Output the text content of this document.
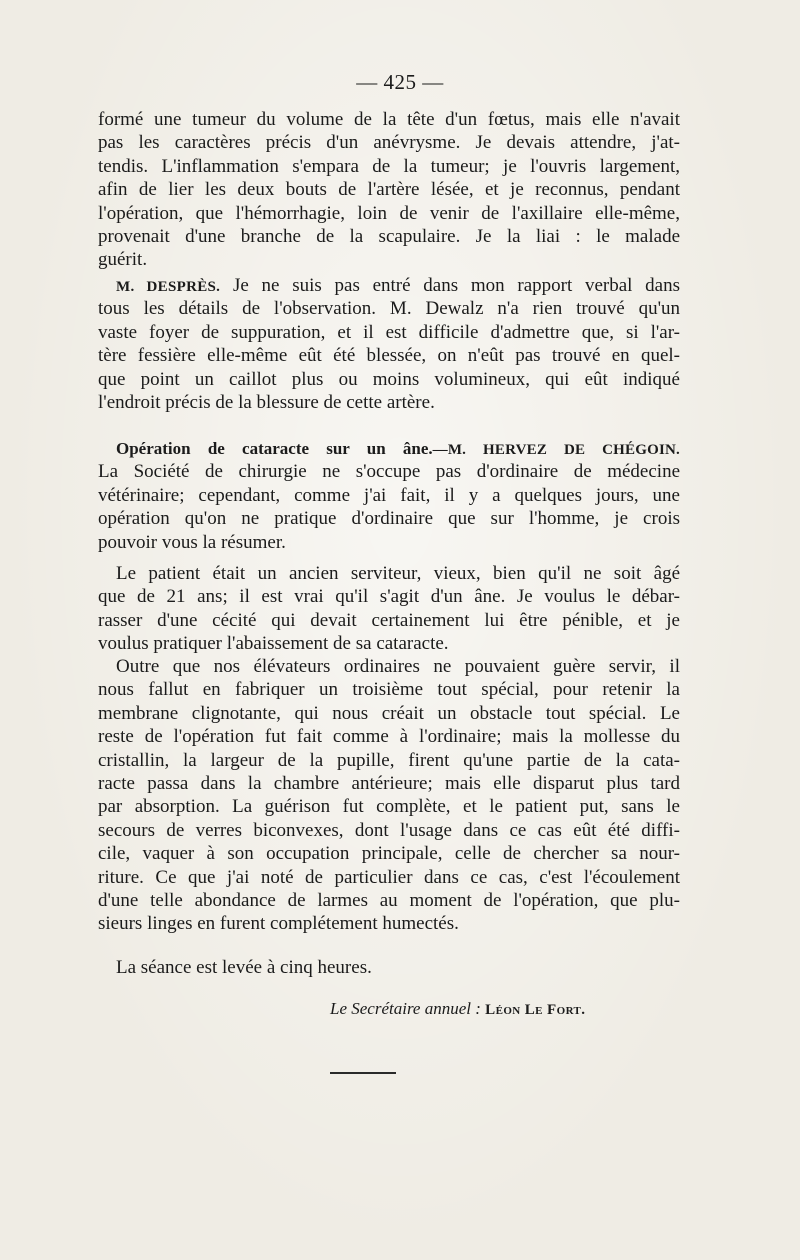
— 425 —
formé une tumeur du volume de la tête d'un fœtus, mais elle n'avait
pas les caractères précis d'un anévrysme. Je devais attendre, j'at-
tendis. L'inflammation s'empara de la tumeur; je l'ouvris largement,
afin de lier les deux bouts de l'artère lésée, et je reconnus, pendant
l'opération, que l'hémorrhagie, loin de venir de l'axillaire elle-même,
provenait d'une branche de la scapulaire. Je la liai : le malade
guérit.
M. DESPRÈS. Je ne suis pas entré dans mon rapport verbal dans
tous les détails de l'observation. M. Dewalz n'a rien trouvé qu'un
vaste foyer de suppuration, et il est difficile d'admettre que, si l'ar-
tère fessière elle-même eût été blessée, on n'eût pas trouvé en quel-
que point un caillot plus ou moins volumineux, qui eût indiqué
l'endroit précis de la blessure de cette artère.
Opération de cataracte sur un âne.—M. HERVEZ DE CHÉGOIN.
La Société de chirurgie ne s'occupe pas d'ordinaire de médecine
vétérinaire; cependant, comme j'ai fait, il y a quelques jours, une
opération qu'on ne pratique d'ordinaire que sur l'homme, je crois
pouvoir vous la résumer.
Le patient était un ancien serviteur, vieux, bien qu'il ne soit âgé
que de 21 ans; il est vrai qu'il s'agit d'un âne. Je voulus le débar-
rasser d'une cécité qui devait certainement lui être pénible, et je
voulus pratiquer l'abaissement de sa cataracte.
Outre que nos élévateurs ordinaires ne pouvaient guère servir, il
nous fallut en fabriquer un troisième tout spécial, pour retenir la
membrane clignotante, qui nous créait un obstacle tout spécial. Le
reste de l'opération fut fait comme à l'ordinaire; mais la mollesse du
cristallin, la largeur de la pupille, firent qu'une partie de la cata-
racte passa dans la chambre antérieure; mais elle disparut plus tard
par absorption. La guérison fut complète, et le patient put, sans le
secours de verres biconvexes, dont l'usage dans ce cas eût été diffi-
cile, vaquer à son occupation principale, celle de chercher sa nour-
riture. Ce que j'ai noté de particulier dans ce cas, c'est l'écoulement
d'une telle abondance de larmes au moment de l'opération, que plu-
sieurs linges en furent complétement humectés.
La séance est levée à cinq heures.
Le Secrétaire annuel : Léon Le Fort.
